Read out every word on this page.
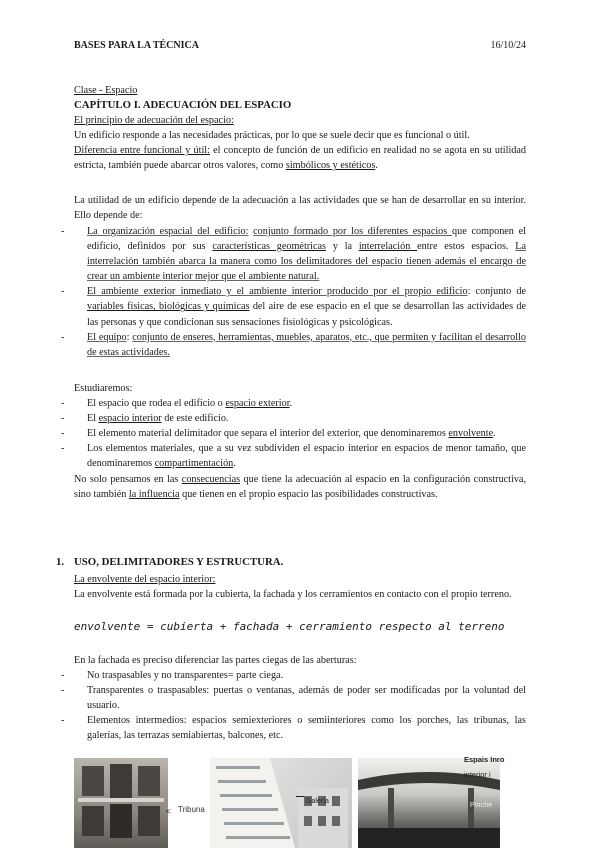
BASES PARA LA TÉCNICA	16/10/24

Clase - Espacio

CAPÍTULO I. ADECUACIÓN DEL ESPACIO

El principio de adecuación del espacio:

Un edificio responde a las necesidades prácticas, por lo que se suele decir que es funcional o útil.

Diferencia entre funcional y útil: el concepto de función de un edificio en realidad no se agota en su utilidad estricta, también puede abarcar otros valores, como simbólicos y estéticos.

La utilidad de un edificio depende de la adecuación a las actividades que se han de desarrollar en su interior. Ello depende de:
- La organización espacial del edificio: conjunto formado por los diferentes espacios que componen el edificio, definidos por sus características geométricas y la interrelación entre estos espacios. La interrelación también abarca la manera como los delimitadores del espacio tienen además el encargo de crear un ambiente interior mejor que el ambiente natural.
- El ambiente exterior inmediato y el ambiente interior producido por el propio edificio: conjunto de variables físicas, biológicas y químicas del aire de ese espacio en el que se desarrollan las actividades de las personas y que condicionan sus sensaciones fisiológicas y psicológicas.
- El equipo: conjunto de enseres, herramientas, muebles, aparatos, etc., que permiten y facilitan el desarrollo de estas actividades.

Estudiaremos:

- El espacio que rodea el edificio o espacio exterior.
- El espacio interior de este edificio.
- El elemento material delimitador que separa el interior del exterior, que denominaremos envolvente.
- Los elementos materiales, que a su vez subdividen el espacio interior en espacios de menor tamaño, que denominaremos compartimentación.

No solo pensamos en las consecuencias que tiene la adecuación al espacio en la configuración constructiva, sino también la influencia que tienen en el propio espacio las posibilidades constructivas.

1. USO, DELIMITADORES Y ESTRUCTURA.

La envolvente del espacio interior:

La envolvente está formada por la cubierta, la fachada y los cerramientos en contacto con el propio terreno.

envolvente = cubierta + fachada + cerramiento respecto al terreno

En la fachada es preciso diferenciar las partes ciegas de las aberturas:

- No traspasables y no transparentes= parte ciega.
- Transparentes o traspasables: puertas o ventanas, además de poder ser modificadas por la voluntad del usuario.
- Elementos intermedios: espacios semiexteriores o semiinteriores como los porches, las tribunas, las galerías, las terrazas semiabiertas, balcones, etc.
< Tribuna
Galería
Porche
Espais Inro
interior i
